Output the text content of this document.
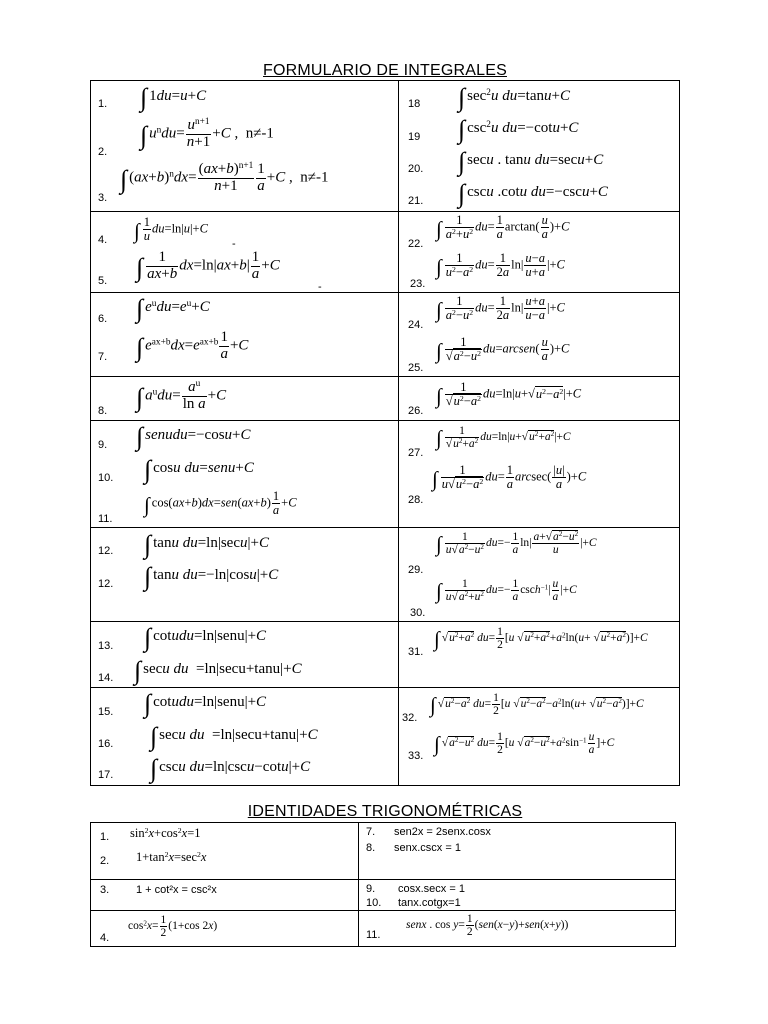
FORMULARIO DE INTEGRALES
1.
2.
3.
4.
5.
6.
7.
8.
9.
10.
11.
12.
12.
13.
14.
15.
16.
17.
18
19
20.
21.
22.
23.
24.
25.
26.
27.
28.
29.
30.
31.
32.
33.
∫ 1du=u+C
∫ $u^ndu= \frac{u^{n+1}}{n+1} +C$ ,  n≠-1
∫ $(ax+b)^ndx= \frac{(ax+b)^{n+1}}{n+1} \frac{1}{a} +C$ ,  n≠-1
∫ $\frac{1}{u} du=\ln|u|+C$
-
∫ $\frac{1}{ax+b} dx=\ln|ax+b| \frac{1}{a} +C$
-
∫ $e^udu=e^u+C$
∫ $e^{ax+b}dx=e^{ax+b} \frac{1}{a} +C$
∫ $a^udu= \frac{a^u}{\text{ln a}} +C$
∫ senudu=−cosu+C
∫ cosu du=senu+C
∫ $\cos(ax+b)dx=sen(ax+b) \frac{1}{a} +C$
∫ tanu du=ln|secu|+C
∫ tanu du=−ln|cosu|+C
∫ cotudu=ln|senu|+C
∫ secu du  =ln|secu+tanu|+C
∫ cotudu=ln|senu|+C
∫ secu du  =ln|secu+tanu|+C
∫ cscu du=ln|cscu−cotu|+C
∫ $\sec^2u$ du=tanu+C
∫ $\csc^2u$ du=−cotu+C
∫ secu . tanu du=secu+C
∫ cscu .cotu du=−cscu+C
∫ $\frac{1}{a^2+u^2} du= \frac{1}{a} \arctan( \frac{u}{a} )+C$
∫ $\frac{1}{u^2-a^2} du= \frac{1}{2a} \ln| \frac{u-a}{u+a} |+C$
∫ $\frac{1}{a^2-u^2} du= \frac{1}{2a} \ln| \frac{u+a}{u-a} |+C$
∫ $\frac{1}{√a^2-u^2}$ du=arcsen( $\frac{u}{a} )+C$
∫ $\frac{1}{√u^2-a^2} du=\ln|u+√u^2-a^2|+C$
∫ $\frac{1}{√u^2+a^2} du=\ln|u+√u^2+a^2|+C$
∫ $\frac{1}{u√u^2-a^2} du= \frac{1}{a} arcsec( \frac{|u|}{a} )+C$
∫ $\frac{1}{u√a^2-u^2} du=- \frac{1}{a} \ln| \frac{a+√a^2-u^2}{u} |+C$
∫ $\frac{1}{u√a^2+u^2} du=- \frac{1}{a} \csc h^{-1}| \frac{u}{a} |+C$
∫ $√u^2+a^2$ $du= \frac{1}{2} [u$ $√u^2+a^2+a^2\ln(u+ √u^2+a^2)]+C$
∫ $√u^2-a^2$ $du= \frac{1}{2} [u$ $√u^2-a^2-a^2\ln(u+ √u^2-a^2)]+C$
∫ $√a^2-u^2$ $du= \frac{1}{2} [u$ $√a^2-u^2+a^2\sin^{-1} \frac{u}{a} ]+C$
IDENTIDADES TRIGONOMÉTRICAS
1.
2.
3.
4.
$\sin^2x+\cos^2x=1$
$1+\tan^2x=\sec^2x$
1 + cot²x = csc²x
$\cos^2x= \frac{1}{2} (1+\cos$ 2x)
7.
8.
sen2x = 2senx.cosx
senx.cscx = 1
9.
10.
cosx.secx = 1
tanx.cotgx=1
11.
senx . $\cos y= \frac{1}{2} (sen(x-y)+sen(x+y))$
